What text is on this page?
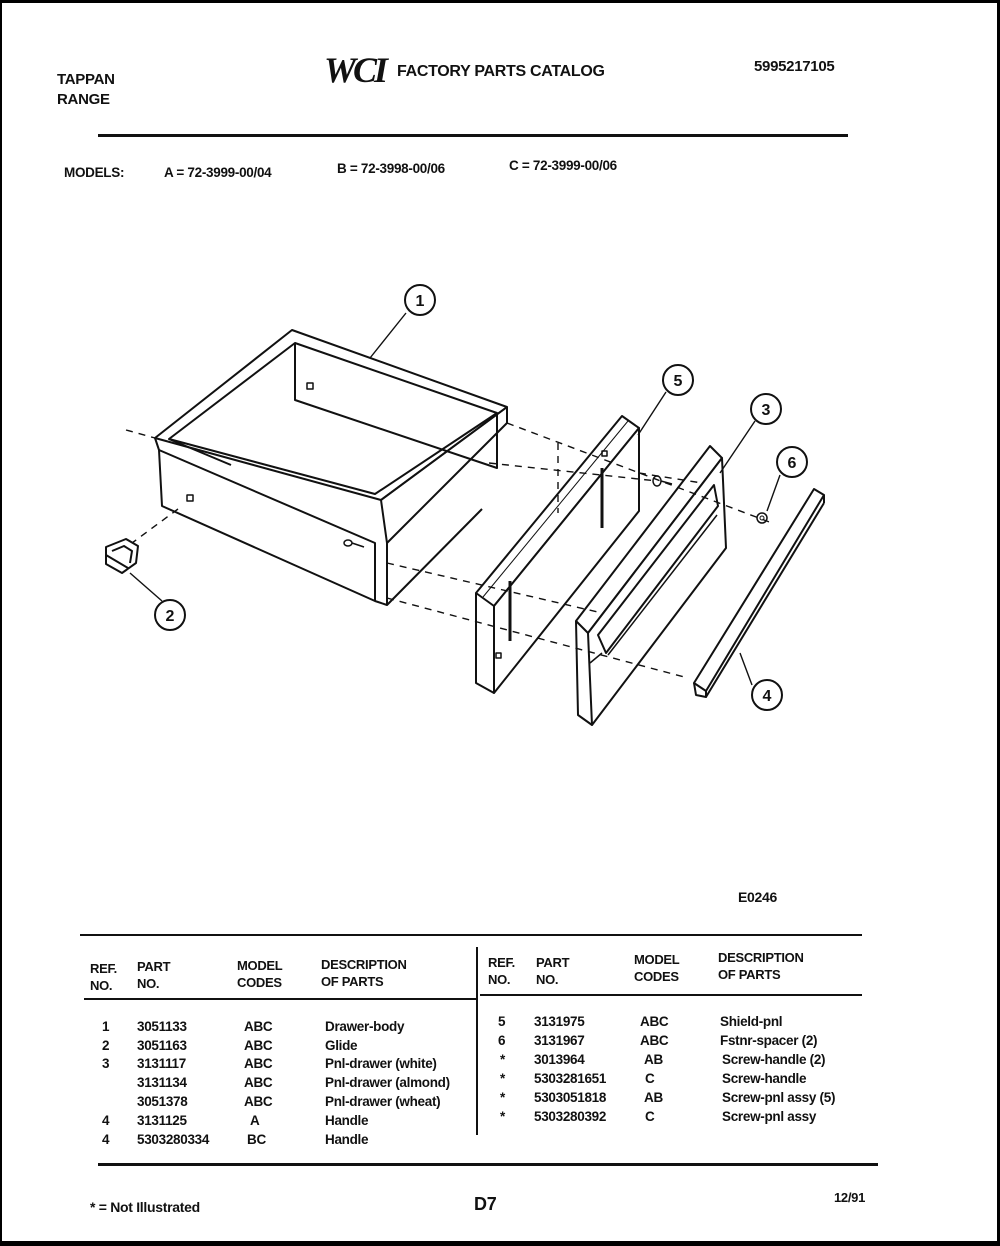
TAPPAN
RANGE
WCI FACTORY PARTS CATALOG	5995217105
MODELS:	A = 72-3999-00/04	B = 72-3998-00/06	C = 72-3999-00/06
1
2
3
4
5
6
E0246
REF.
NO.
PART
NO.
MODEL
CODES
DESCRIPTION
OF PARTS
REF.
NO.
PART
NO.
MODEL
CODES
DESCRIPTION
OF PARTS
1 3051133	ABC	Drawer-body
2 3051163	ABC	Glide
3 3131117	ABC	Pnl-drawer (white)
3131134	ABC	Pnl-drawer (almond)
3051378	ABC	Pnl-drawer (wheat)
4 3131125	A	Handle
4 5303280334	BC	Handle
5 3131975	ABC	Shield-pnl
6 3131967	ABC	Fstnr-spacer (2)
* 3013964	AB	Screw-handle (2)
* 5303281651	C	Screw-handle
* 5303051818	AB	Screw-pnl assy (5)
* 5303280392	C	Screw-pnl assy
* = Not Illustrated	D7	12/91
